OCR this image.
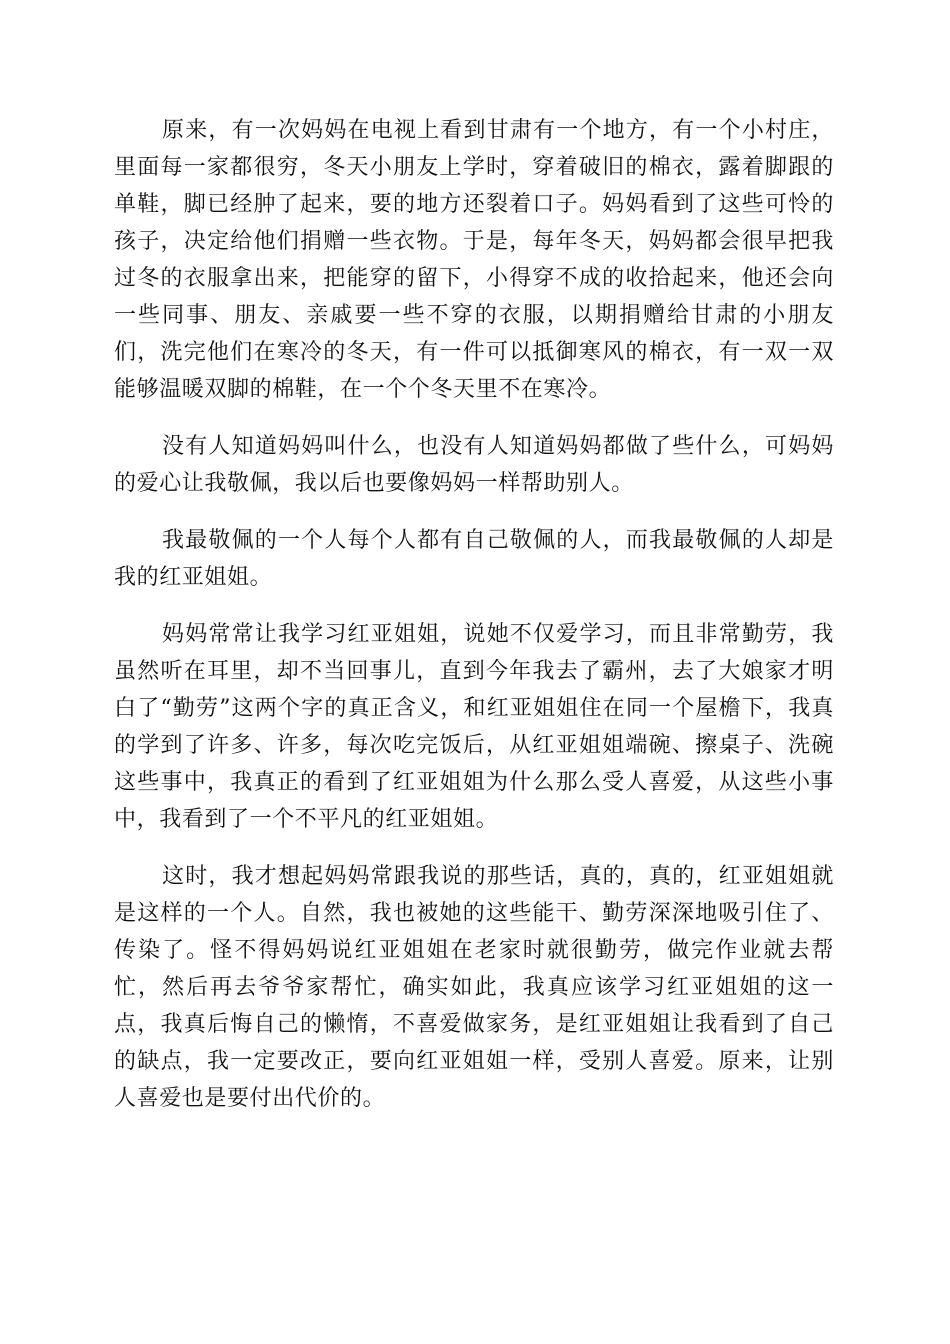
原来，有一次妈妈在电视上看到甘肃有一个地方，有一个小村庄，里面每一家都很穷，冬天小朋友上学时，穿着破旧的棉衣，露着脚跟的单鞋，脚已经肿了起来，要的地方还裂着口子。妈妈看到了这些可怜的孩子，决定给他们捐赠一些衣物。于是，每年冬天，妈妈都会很早把我过冬的衣服拿出来，把能穿的留下，小得穿不成的收拾起来，他还会向一些同事、朋友、亲戚要一些不穿的衣服，以期捐赠给甘肃的小朋友们，洗完他们在寒冷的冬天，有一件可以抵御寒风的棉衣，有一双一双能够温暖双脚的棉鞋，在一个个冬天里不在寒冷。

没有人知道妈妈叫什么，也没有人知道妈妈都做了些什么，可妈妈的爱心让我敬佩，我以后也要像妈妈一样帮助别人。

我最敬佩的一个人每个人都有自己敬佩的人，而我最敬佩的人却是我的红亚姐姐。

妈妈常常让我学习红亚姐姐，说她不仅爱学习，而且非常勤劳，我虽然听在耳里，却不当回事儿，直到今年我去了霸州，去了大娘家才明白了“勤劳”这两个字的真正含义，和红亚姐姐住在同一个屋檐下，我真的学到了许多、许多，每次吃完饭后，从红亚姐姐端碗、擦桌子、洗碗这些事中，我真正的看到了红亚姐姐为什么那么受人喜爱，从这些小事中，我看到了一个不平凡的红亚姐姐。

这时，我才想起妈妈常跟我说的那些话，真的，真的，红亚姐姐就是这样的一个人。自然，我也被她的这些能干、勤劳深深地吸引住了、传染了。怪不得妈妈说红亚姐姐在老家时就很勤劳，做完作业就去帮忙，然后再去爷爷家帮忙，确实如此，我真应该学习红亚姐姐的这一点，我真后悔自己的懒惰，不喜爱做家务，是红亚姐姐让我看到了自己的缺点，我一定要改正，要向红亚姐姐一样，受别人喜爱。原来，让别人喜爱也是要付出代价的。
